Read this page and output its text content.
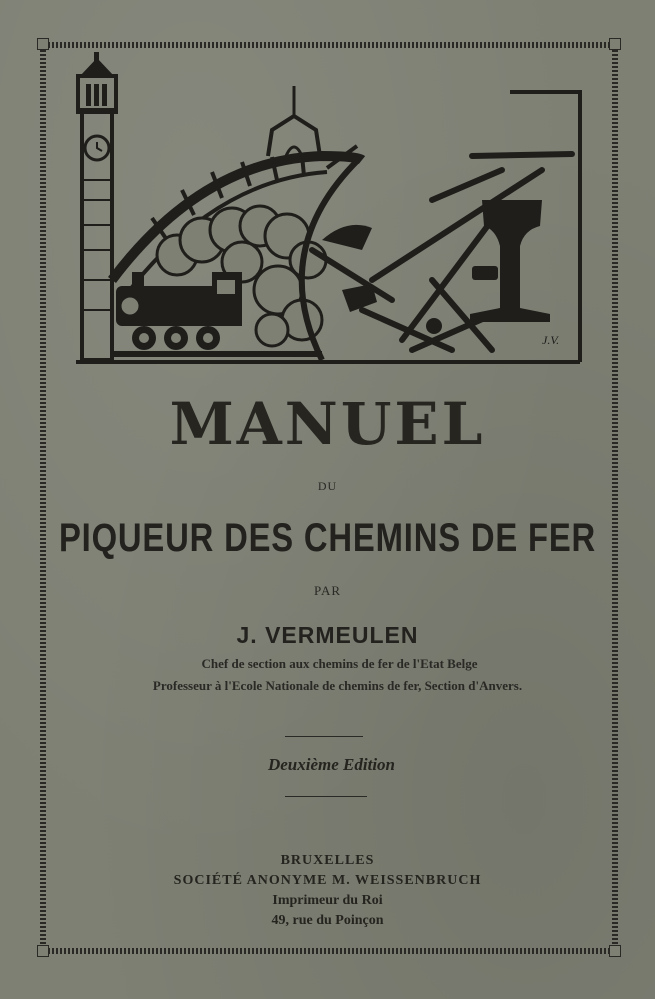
J.V.
MANUEL
DU
PIQUEUR DES CHEMINS DE FER
PAR
J. VERMEULEN
Chef de section aux chemins de fer de l'Etat Belge
Professeur à l'Ecole Nationale de chemins de fer, Section d'Anvers.
Deuxième Edition
BRUXELLES
SOCIÉTÉ ANONYME M. WEISSENBRUCH
Imprimeur du Roi
49, rue du Poinçon
